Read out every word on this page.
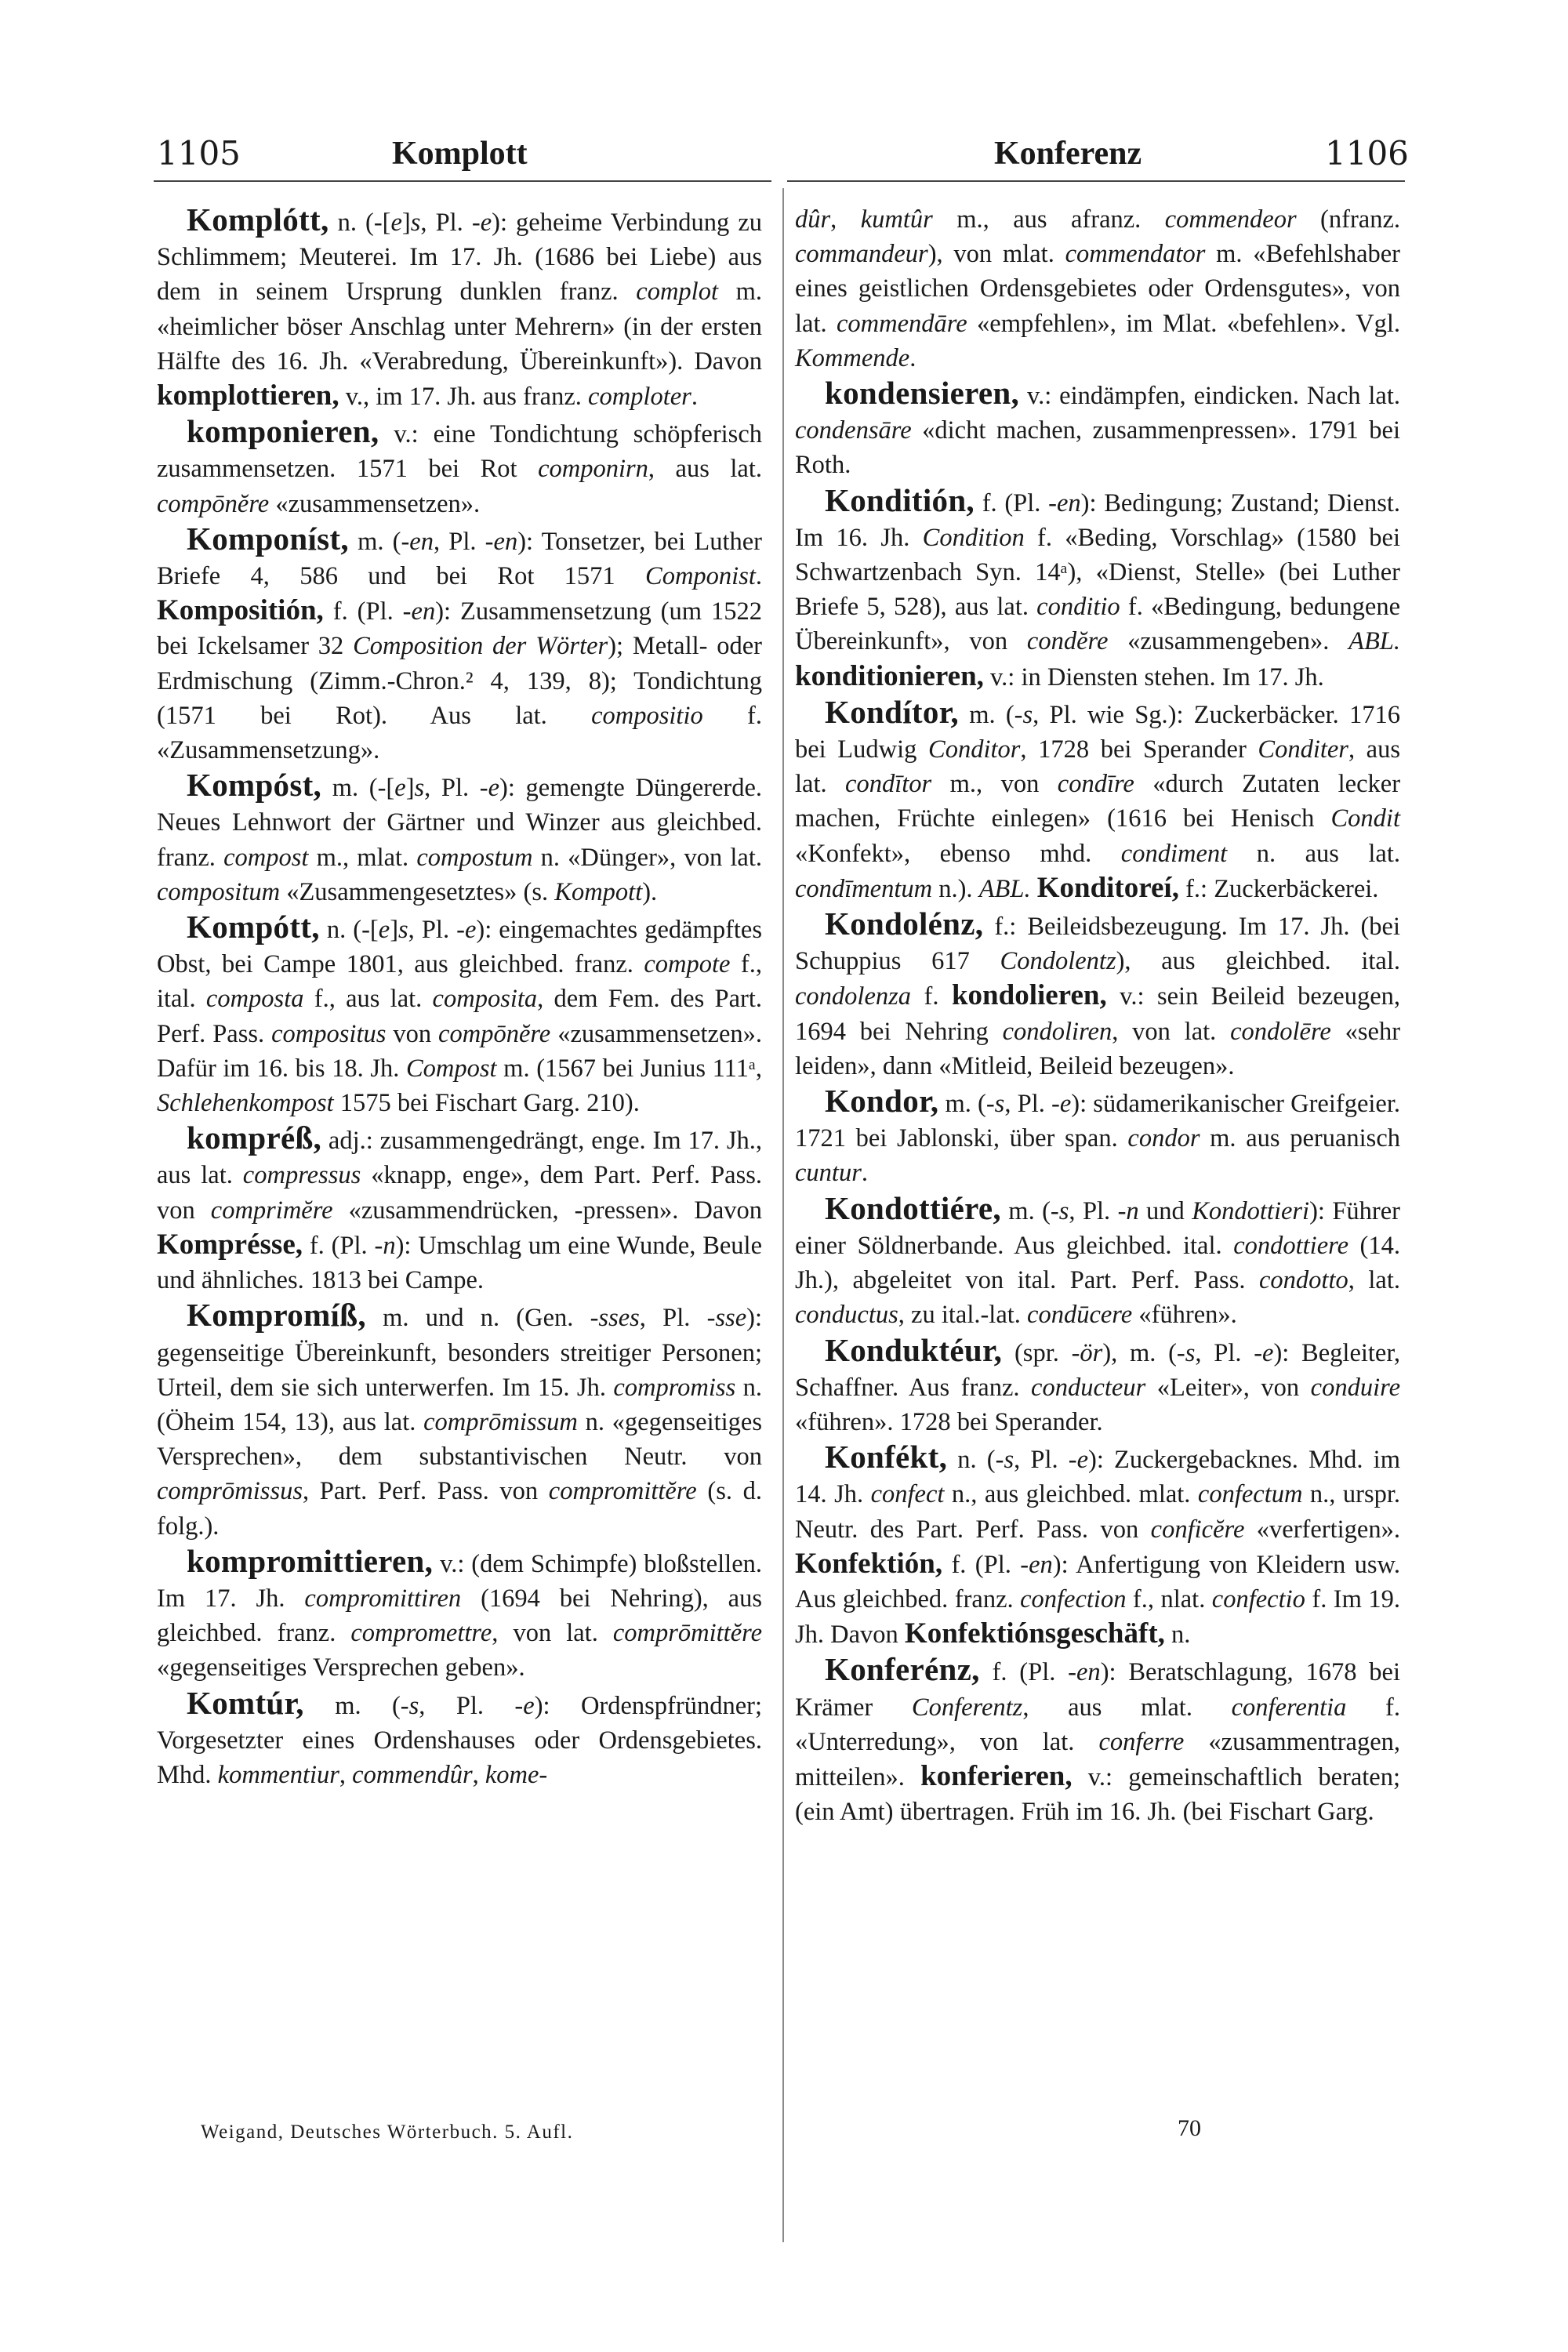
1105	Komplott	Konferenz	1106

Komplótt, n. (-[e]s, Pl. -e): geheime Verbindung zu Schlimmem; Meuterei. Im 17. Jh. (1686 bei Liebe) aus dem in seinem Ursprung dunklen franz. complot m. «heimlicher böser Anschlag unter Mehrern» (in der ersten Hälfte des 16. Jh. «Verabredung, Übereinkunft»). Davon komplottieren, v., im 17. Jh. aus franz. comploter.

komponieren, v.: eine Tondichtung schöpferisch zusammensetzen. 1571 bei Rot componirn, aus lat. compōnĕre «zusammensetzen».

Komponíst, m. (-en, Pl. -en): Tonsetzer, bei Luther Briefe 4, 586 und bei Rot 1571 Componist. Kompositión, f. (Pl. -en): Zusammensetzung (um 1522 bei Ickelsamer 32 Composition der Wörter); Metall- oder Erdmischung (Zimm.-Chron.² 4, 139, 8); Tondichtung (1571 bei Rot). Aus lat. compositio f. «Zusammensetzung».

Kompóst, m. (-[e]s, Pl. -e): gemengte Düngererde. Neues Lehnwort der Gärtner und Winzer aus gleichbed. franz. compost m., mlat. compostum n. «Dünger», von lat. compositum «Zusammengesetztes» (s. Kompott).

Kompótt, n. (-[e]s, Pl. -e): eingemachtes gedämpftes Obst, bei Campe 1801, aus gleichbed. franz. compote f., ital. composta f., aus lat. composita, dem Fem. des Part. Perf. Pass. compositus von compōnĕre «zusammensetzen». Dafür im 16. bis 18. Jh. Compost m. (1567 bei Junius 111ᵃ, Schlehenkompost 1575 bei Fischart Garg. 210).

kompréß, adj.: zusammengedrängt, enge. Im 17. Jh., aus lat. compressus «knapp, enge», dem Part. Perf. Pass. von comprimĕre «zusammendrücken, -pressen». Davon Komprésse, f. (Pl. -n): Umschlag um eine Wunde, Beule und ähnliches. 1813 bei Campe.

Kompromíß, m. und n. (Gen. -sses, Pl. -sse): gegenseitige Übereinkunft, besonders streitiger Personen; Urteil, dem sie sich unterwerfen. Im 15. Jh. compromiss n. (Öheim 154, 13), aus lat. comprōmissum n. «gegenseitiges Versprechen», dem substantivischen Neutr. von comprōmissus, Part. Perf. Pass. von compromittĕre (s. d. folg.).

kompromittieren, v.: (dem Schimpfe) bloßstellen. Im 17. Jh. compromittiren (1694 bei Nehring), aus gleichbed. franz. compromettre, von lat. comprōmittĕre «gegenseitiges Versprechen geben».

Komtúr, m. (-s, Pl. -e): Ordenspfründner; Vorgesetzter eines Ordenshauses oder Ordensgebietes. Mhd. kommentiur, commendûr, kome-

dûr, kumtûr m., aus afranz. commendeor (nfranz. commandeur), von mlat. commendator m. «Befehlshaber eines geistlichen Ordensgebietes oder Ordensgutes», von lat. commendāre «empfehlen», im Mlat. «befehlen». Vgl. Kommende.

kondensieren, v.: eindämpfen, eindicken. Nach lat. condensāre «dicht machen, zusammenpressen». 1791 bei Roth.

Konditión, f. (Pl. -en): Bedingung; Zustand; Dienst. Im 16. Jh. Condition f. «Beding, Vorschlag» (1580 bei Schwartzenbach Syn. 14ᵃ), «Dienst, Stelle» (bei Luther Briefe 5, 528), aus lat. conditio f. «Bedingung, bedungene Übereinkunft», von condĕre «zusammengeben». ABL. konditionieren, v.: in Diensten stehen. Im 17. Jh.

Kondítor, m. (-s, Pl. wie Sg.): Zuckerbäcker. 1716 bei Ludwig Conditor, 1728 bei Sperander Conditer, aus lat. condītor m., von condīre «durch Zutaten lecker machen, Früchte einlegen» (1616 bei Henisch Condit «Konfekt», ebenso mhd. condiment n. aus lat. condīmentum n.). ABL. Konditoreí, f.: Zuckerbäckerei.

Kondolénz, f.: Beileidsbezeugung. Im 17. Jh. (bei Schuppius 617 Condolentz), aus gleichbed. ital. condolenza f. kondolieren, v.: sein Beileid bezeugen, 1694 bei Nehring condoliren, von lat. condolēre «sehr leiden», dann «Mitleid, Beileid bezeugen».

Kondor, m. (-s, Pl. -e): südamerikanischer Greifgeier. 1721 bei Jablonski, über span. condor m. aus peruanisch cuntur.

Kondottiére, m. (-s, Pl. -n und Kondottieri): Führer einer Söldnerbande. Aus gleichbed. ital. condottiere (14. Jh.), abgeleitet von ital. Part. Perf. Pass. condotto, lat. conductus, zu ital.-lat. condūcere «führen».

Konduktéur, (spr. -ör), m. (-s, Pl. -e): Begleiter, Schaffner. Aus franz. conducteur «Leiter», von conduire «führen». 1728 bei Sperander.

Konfékt, n. (-s, Pl. -e): Zuckergebacknes. Mhd. im 14. Jh. confect n., aus gleichbed. mlat. confectum n., urspr. Neutr. des Part. Perf. Pass. von conficĕre «verfertigen». Konfektión, f. (Pl. -en): Anfertigung von Kleidern usw. Aus gleichbed. franz. confection f., nlat. confectio f. Im 19. Jh. Davon Konfektiónsgeschäft, n.

Konferénz, f. (Pl. -en): Beratschlagung, 1678 bei Krämer Conferentz, aus mlat. conferentia f. «Unterredung», von lat. conferre «zusammentragen, mitteilen». konferieren, v.: gemeinschaftlich beraten; (ein Amt) übertragen. Früh im 16. Jh. (bei Fischart Garg.

Weigand, Deutsches Wörterbuch. 5. Aufl.	70
